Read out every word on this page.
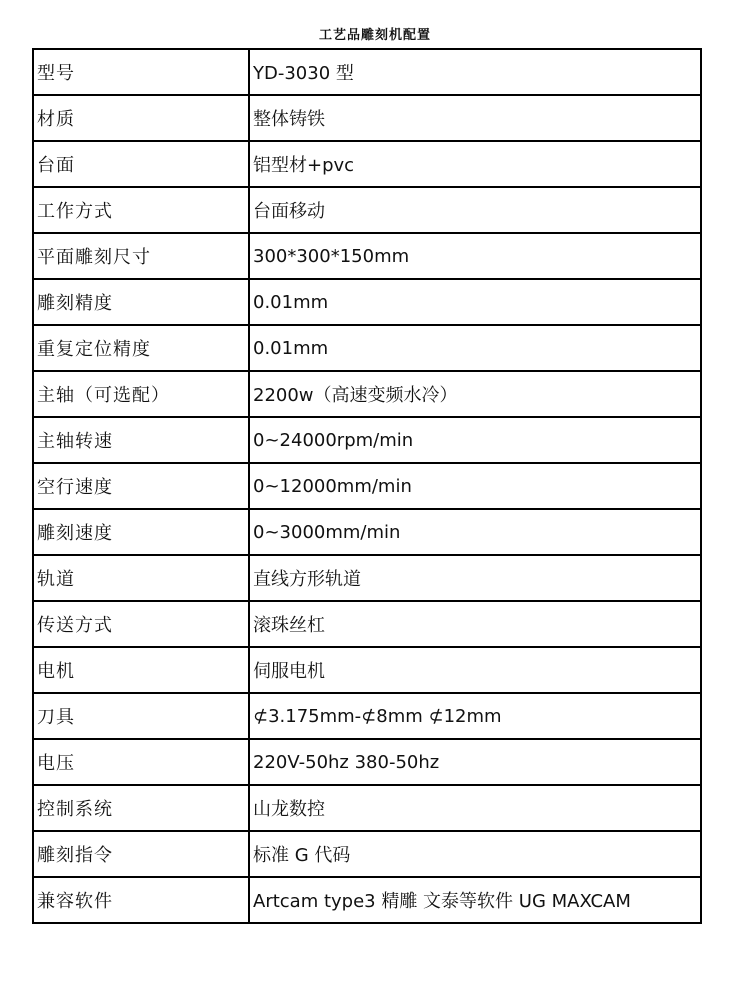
工艺品雕刻机配置
型号	YD-3030 型
材质	整体铸铁
台面	铝型材+pvc
工作方式	台面移动
平面雕刻尺寸	300*300*150mm
雕刻精度	0.01mm
重复定位精度	0.01mm
主轴（可选配）	2200w（高速变频水冷）
主轴转速	0~24000rpm/min
空行速度	0~12000mm/min
雕刻速度	0~3000mm/min
轨道	直线方形轨道
传送方式	滚珠丝杠
电机	伺服电机
刀具	⊄3.175mm-⊄8mm ⊄12mm
电压	220V-50hz 380-50hz
控制系统	山龙数控
雕刻指令	标准 G 代码
兼容软件	Artcam type3 精雕 文泰等软件 UG MAXCAM
